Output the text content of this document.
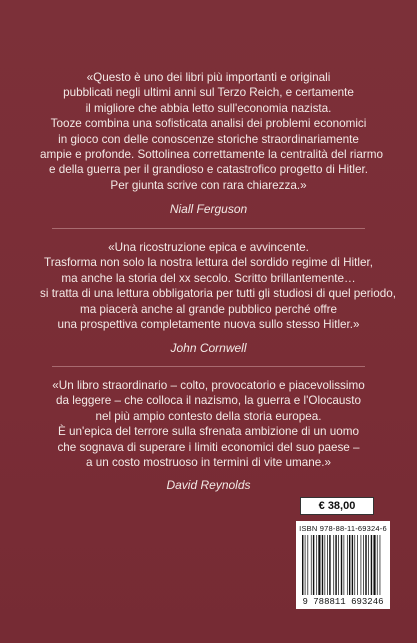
«Questo è uno dei libri più importanti e originali
pubblicati negli ultimi anni sul Terzo Reich, e certamente
il migliore che abbia letto sull'economia nazista.
Tooze combina una sofisticata analisi dei problemi economici
in gioco con delle conoscenze storiche straordinariamente
ampie e profonde. Sottolinea correttamente la centralità del riarmo
e della guerra per il grandioso e catastrofico progetto di Hitler.
Per giunta scrive con rara chiarezza.»
Niall Ferguson
«Una ricostruzione epica e avvincente.
Trasforma non solo la nostra lettura del sordido regime di Hitler,
ma anche la storia del xx secolo. Scritto brillantemente…
si tratta di una lettura obbligatoria per tutti gli studiosi di quel periodo,
ma piacerà anche al grande pubblico perché offre
una prospettiva completamente nuova sullo stesso Hitler.»
John Cornwell
«Un libro straordinario – colto, provocatorio e piacevolissimo
da leggere – che colloca il nazismo, la guerra e l'Olocausto
nel più ampio contesto della storia europea.
È un'epica del terrore sulla sfrenata ambizione di un uomo
che sognava di superare i limiti economici del suo paese –
a un costo mostruoso in termini di vite umane.»
David Reynolds
€ 38,00
ISBN 978-88-11-69324-6
9 788811 693246
